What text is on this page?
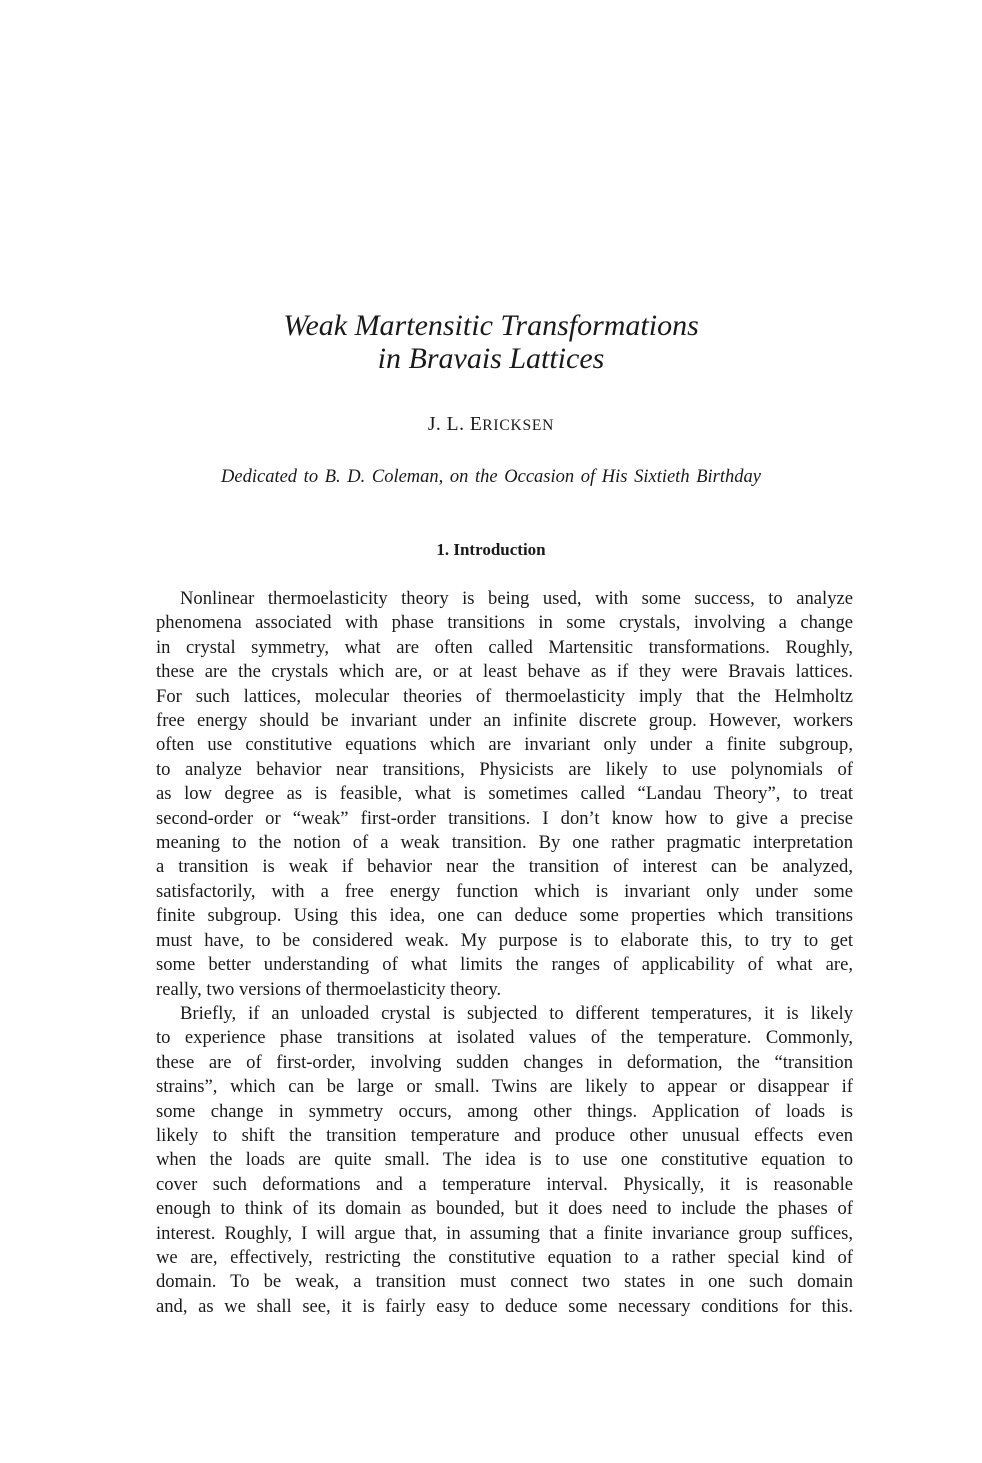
Weak Martensitic Transformations
in Bravais Lattices
J. L. ERICKSEN
Dedicated to B. D. Coleman, on the Occasion of His Sixtieth Birthday
1. Introduction
Nonlinear thermoelasticity theory is being used, with some success, to analyze
phenomena associated with phase transitions in some crystals, involving a change
in crystal symmetry, what are often called Martensitic transformations. Roughly,
these are the crystals which are, or at least behave as if they were Bravais lattices.
For such lattices, molecular theories of thermoelasticity imply that the Helmholtz
free energy should be invariant under an infinite discrete group. However, workers
often use constitutive equations which are invariant only under a finite subgroup,
to analyze behavior near transitions, Physicists are likely to use polynomials of
as low degree as is feasible, what is sometimes called “Landau Theory”, to treat
second-order or “weak” first-order transitions. I don’t know how to give a precise
meaning to the notion of a weak transition. By one rather pragmatic interpretation
a transition is weak if behavior near the transition of interest can be analyzed,
satisfactorily, with a free energy function which is invariant only under some
finite subgroup. Using this idea, one can deduce some properties which transitions
must have, to be considered weak. My purpose is to elaborate this, to try to get
some better understanding of what limits the ranges of applicability of what are,
really, two versions of thermoelasticity theory.
Briefly, if an unloaded crystal is subjected to different temperatures, it is likely
to experience phase transitions at isolated values of the temperature. Commonly,
these are of first-order, involving sudden changes in deformation, the “transition
strains”, which can be large or small. Twins are likely to appear or disappear if
some change in symmetry occurs, among other things. Application of loads is
likely to shift the transition temperature and produce other unusual effects even
when the loads are quite small. The idea is to use one constitutive equation to
cover such deformations and a temperature interval. Physically, it is reasonable
enough to think of its domain as bounded, but it does need to include the phases of
interest. Roughly, I will argue that, in assuming that a finite invariance group suffices,
we are, effectively, restricting the constitutive equation to a rather special kind of
domain. To be weak, a transition must connect two states in one such domain
and, as we shall see, it is fairly easy to deduce some necessary conditions for this.
